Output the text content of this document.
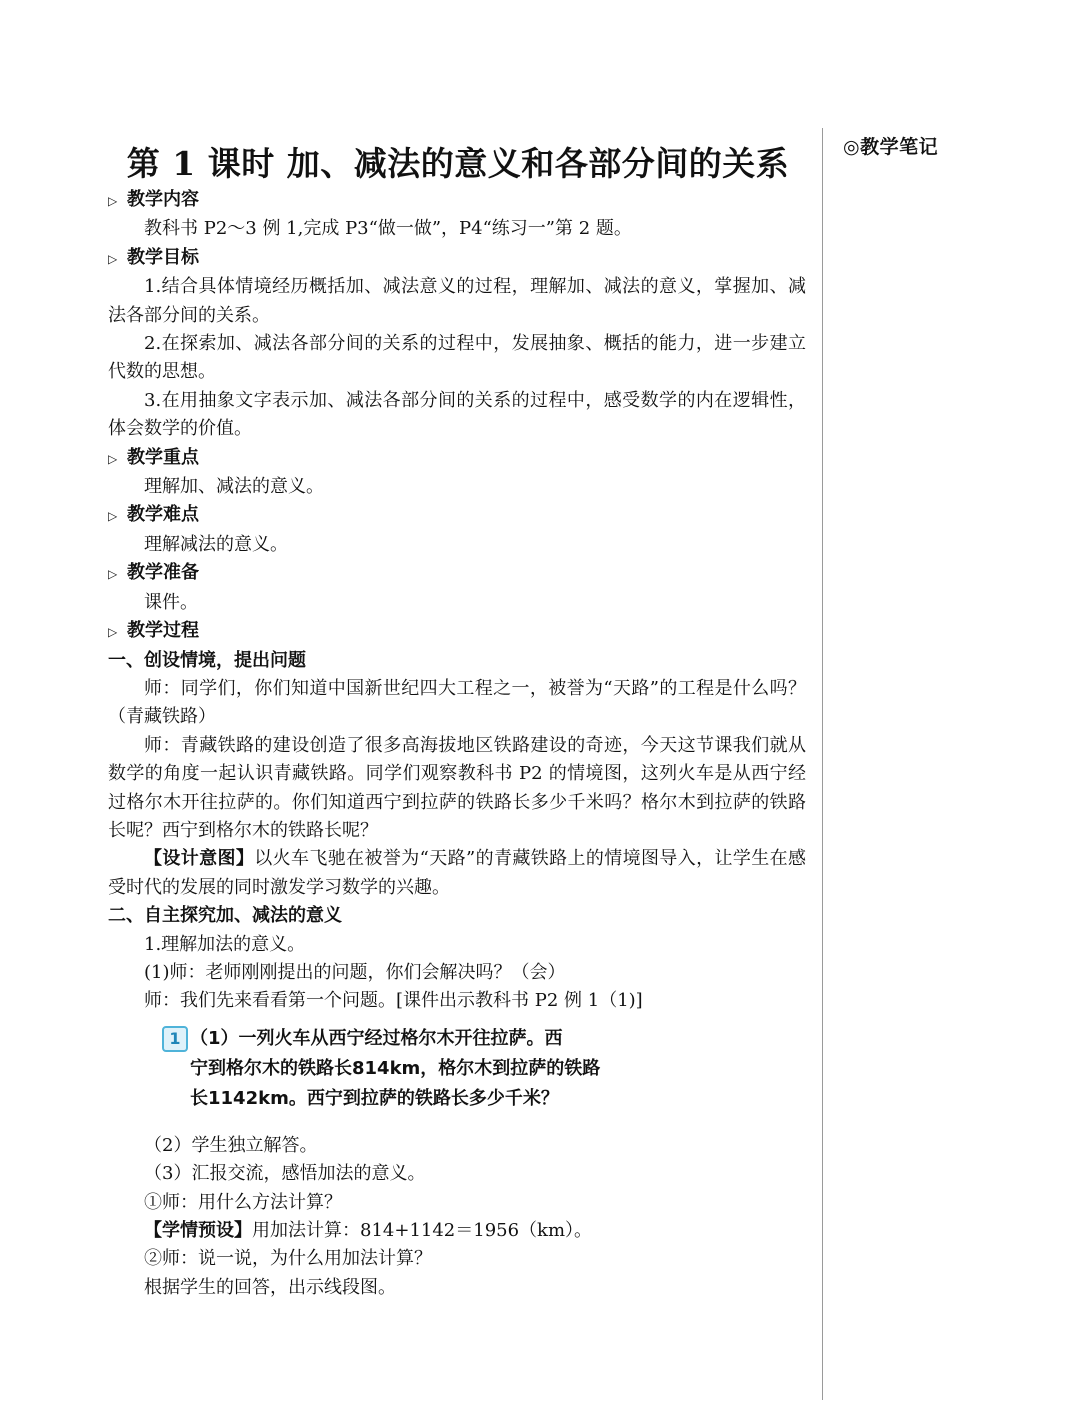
◎教学笔记
第 1 课时 加、减法的意义和各部分间的关系
▷ 教学内容
教科书 P2～3 例 1,完成 P3“做一做”，P4“练习一”第 2 题。
▷ 教学目标
1.结合具体情境经历概括加、减法意义的过程，理解加、减法的意义，掌握加、减法各部分间的关系。
2.在探索加、减法各部分间的关系的过程中，发展抽象、概括的能力，进一步建立代数的思想。
3.在用抽象文字表示加、减法各部分间的关系的过程中，感受数学的内在逻辑性，体会数学的价值。
▷ 教学重点
理解加、减法的意义。
▷ 教学难点
理解减法的意义。
▷ 教学准备
课件。
▷ 教学过程
一、创设情境，提出问题
师：同学们，你们知道中国新世纪四大工程之一，被誉为“天路”的工程是什么吗？（青藏铁路）
师：青藏铁路的建设创造了很多高海拔地区铁路建设的奇迹，今天这节课我们就从数学的角度一起认识青藏铁路。同学们观察教科书 P2 的情境图，这列火车是从西宁经过格尔木开往拉萨的。你们知道西宁到拉萨的铁路长多少千米吗？格尔木到拉萨的铁路长呢？西宁到格尔木的铁路长呢？
【设计意图】以火车飞驰在被誉为“天路”的青藏铁路上的情境图导入，让学生在感受时代的发展的同时激发学习数学的兴趣。
二、自主探究加、减法的意义
1.理解加法的意义。
(1)师：老师刚刚提出的问题，你们会解决吗？（会）
师：我们先来看看第一个问题。[课件出示教科书 P2 例 1（1)]
1 （1）一列火车从西宁经过格尔木开往拉萨。西
宁到格尔木的铁路长814km，格尔木到拉萨的铁路
长1142km。西宁到拉萨的铁路长多少千米？
（2）学生独立解答。
（3）汇报交流，感悟加法的意义。
①师：用什么方法计算？
【学情预设】用加法计算：814+1142＝1956（km）。
②师：说一说，为什么用加法计算？
根据学生的回答，出示线段图。
